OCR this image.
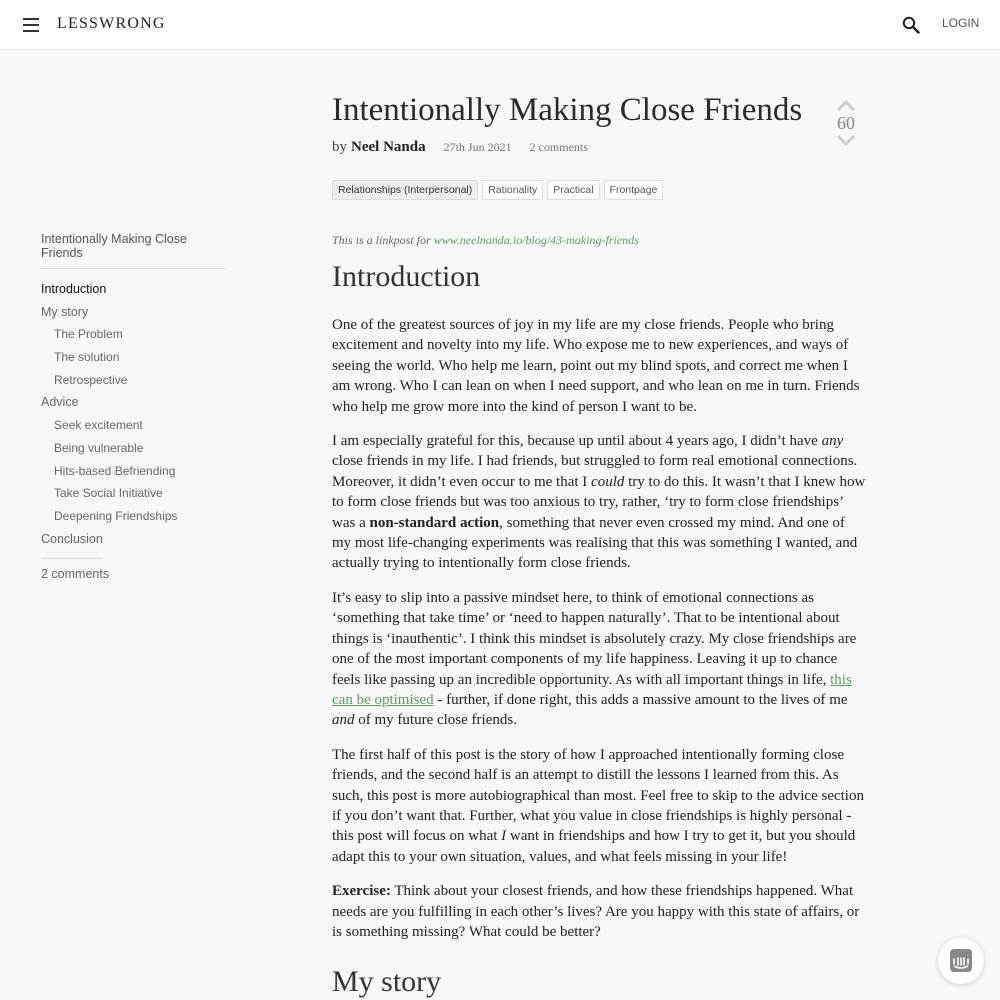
LESSWRONG	LOGIN
Intentionally Making Close Friends
Introduction
My story
The Problem
The solution
Retrospective
Advice
Seek excitement
Being vulnerable
Hits-based Befriending
Take Social Initiative
Deepening Friendships
Conclusion
2 comments
Intentionally Making Close Friends	60
by Neel Nanda 27th Jun 2021 2 comments
Relationships (Interpersonal)	Rationality	Practical	Frontpage
This is a linkpost for www.neelnanda.io/blog/43-making-friends
Introduction

One of the greatest sources of joy in my life are my close friends. People who bring excitement and novelty into my life. Who expose me to new experiences, and ways of seeing the world. Who help me learn, point out my blind spots, and correct me when I am wrong. Who I can lean on when I need support, and who lean on me in turn. Friends who help me grow more into the kind of person I want to be.

I am especially grateful for this, because up until about 4 years ago, I didn’t have any close friends in my life. I had friends, but struggled to form real emotional connections. Moreover, it didn’t even occur to me that I could try to do this. It wasn’t that I knew how to form close friends but was too anxious to try, rather, ‘try to form close friendships’ was a non-standard action, something that never even crossed my mind. And one of my most life-changing experiments was realising that this was something I wanted, and actually trying to intentionally form close friends.

It’s easy to slip into a passive mindset here, to think of emotional connections as ‘something that take time’ or ‘need to happen naturally’. That to be intentional about things is ‘inauthentic’. I think this mindset is absolutely crazy. My close friendships are one of the most important components of my life happiness. Leaving it up to chance feels like passing up an incredible opportunity. As with all important things in life, this can be optimised - further, if done right, this adds a massive amount to the lives of me and of my future close friends.

The first half of this post is the story of how I approached intentionally forming close friends, and the second half is an attempt to distill the lessons I learned from this. As such, this post is more autobiographical than most. Feel free to skip to the advice section if you don’t want that. Further, what you value in close friendships is highly personal - this post will focus on what I want in friendships and how I try to get it, but you should adapt this to your own situation, values, and what feels missing in your life!

Exercise: Think about your closest friends, and how these friendships happened. What needs are you fulfilling in each other’s lives? Are you happy with this state of affairs, or is something missing? What could be better?

My story
